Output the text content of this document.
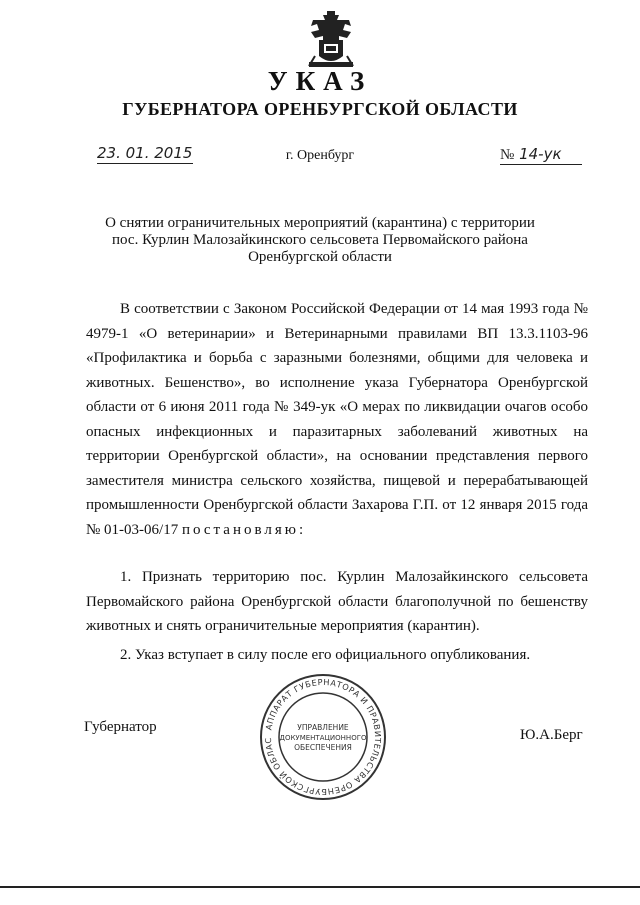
УКАЗ
ГУБЕРНАТОРА ОРЕНБУРГСКОЙ ОБЛАСТИ
23. 01. 2015	г. Оренбург	№ 14-ук
О снятии ограничительных мероприятий (карантина) с территории
пос. Курлин Малозайкинского сельсовета Первомайского района
Оренбургской области

В соответствии с Законом Российской Федерации от 14 мая 1993 года № 4979-1 «О ветеринарии» и Ветеринарными правилами ВП 13.3.1103-96 «Профилактика и борьба с заразными болезнями, общими для человека и животных. Бешенство», во исполнение указа Губернатора Оренбургской области от 6 июня 2011 года № 349-ук «О мерах по ликвидации очагов особо опасных инфекционных и паразитарных заболеваний животных на территории Оренбургской области», на основании представления первого заместителя министра сельского хозяйства, пищевой и перерабатывающей промышленности Оренбургской области Захарова Г.П. от 12 января 2015 года № 01-03-06/17 постановляю:

1. Признать территорию пос. Курлин Малозайкинского сельсовета Первомайского района Оренбургской области благополучной по бешенству животных и снять ограничительные мероприятия (карантин).

2. Указ вступает в силу после его официального опубликования.

Губернатор	Ю.А.Берг
АППАРАТ ГУБЕРНАТОРА И ПРАВИТЕЛЬСТВА ОРЕНБУРГСКОЙ ОБЛАС
УПРАВЛЕНИЕ
ДОКУМЕНТАЦИОННОГО
ОБЕСПЕЧЕНИЯ
